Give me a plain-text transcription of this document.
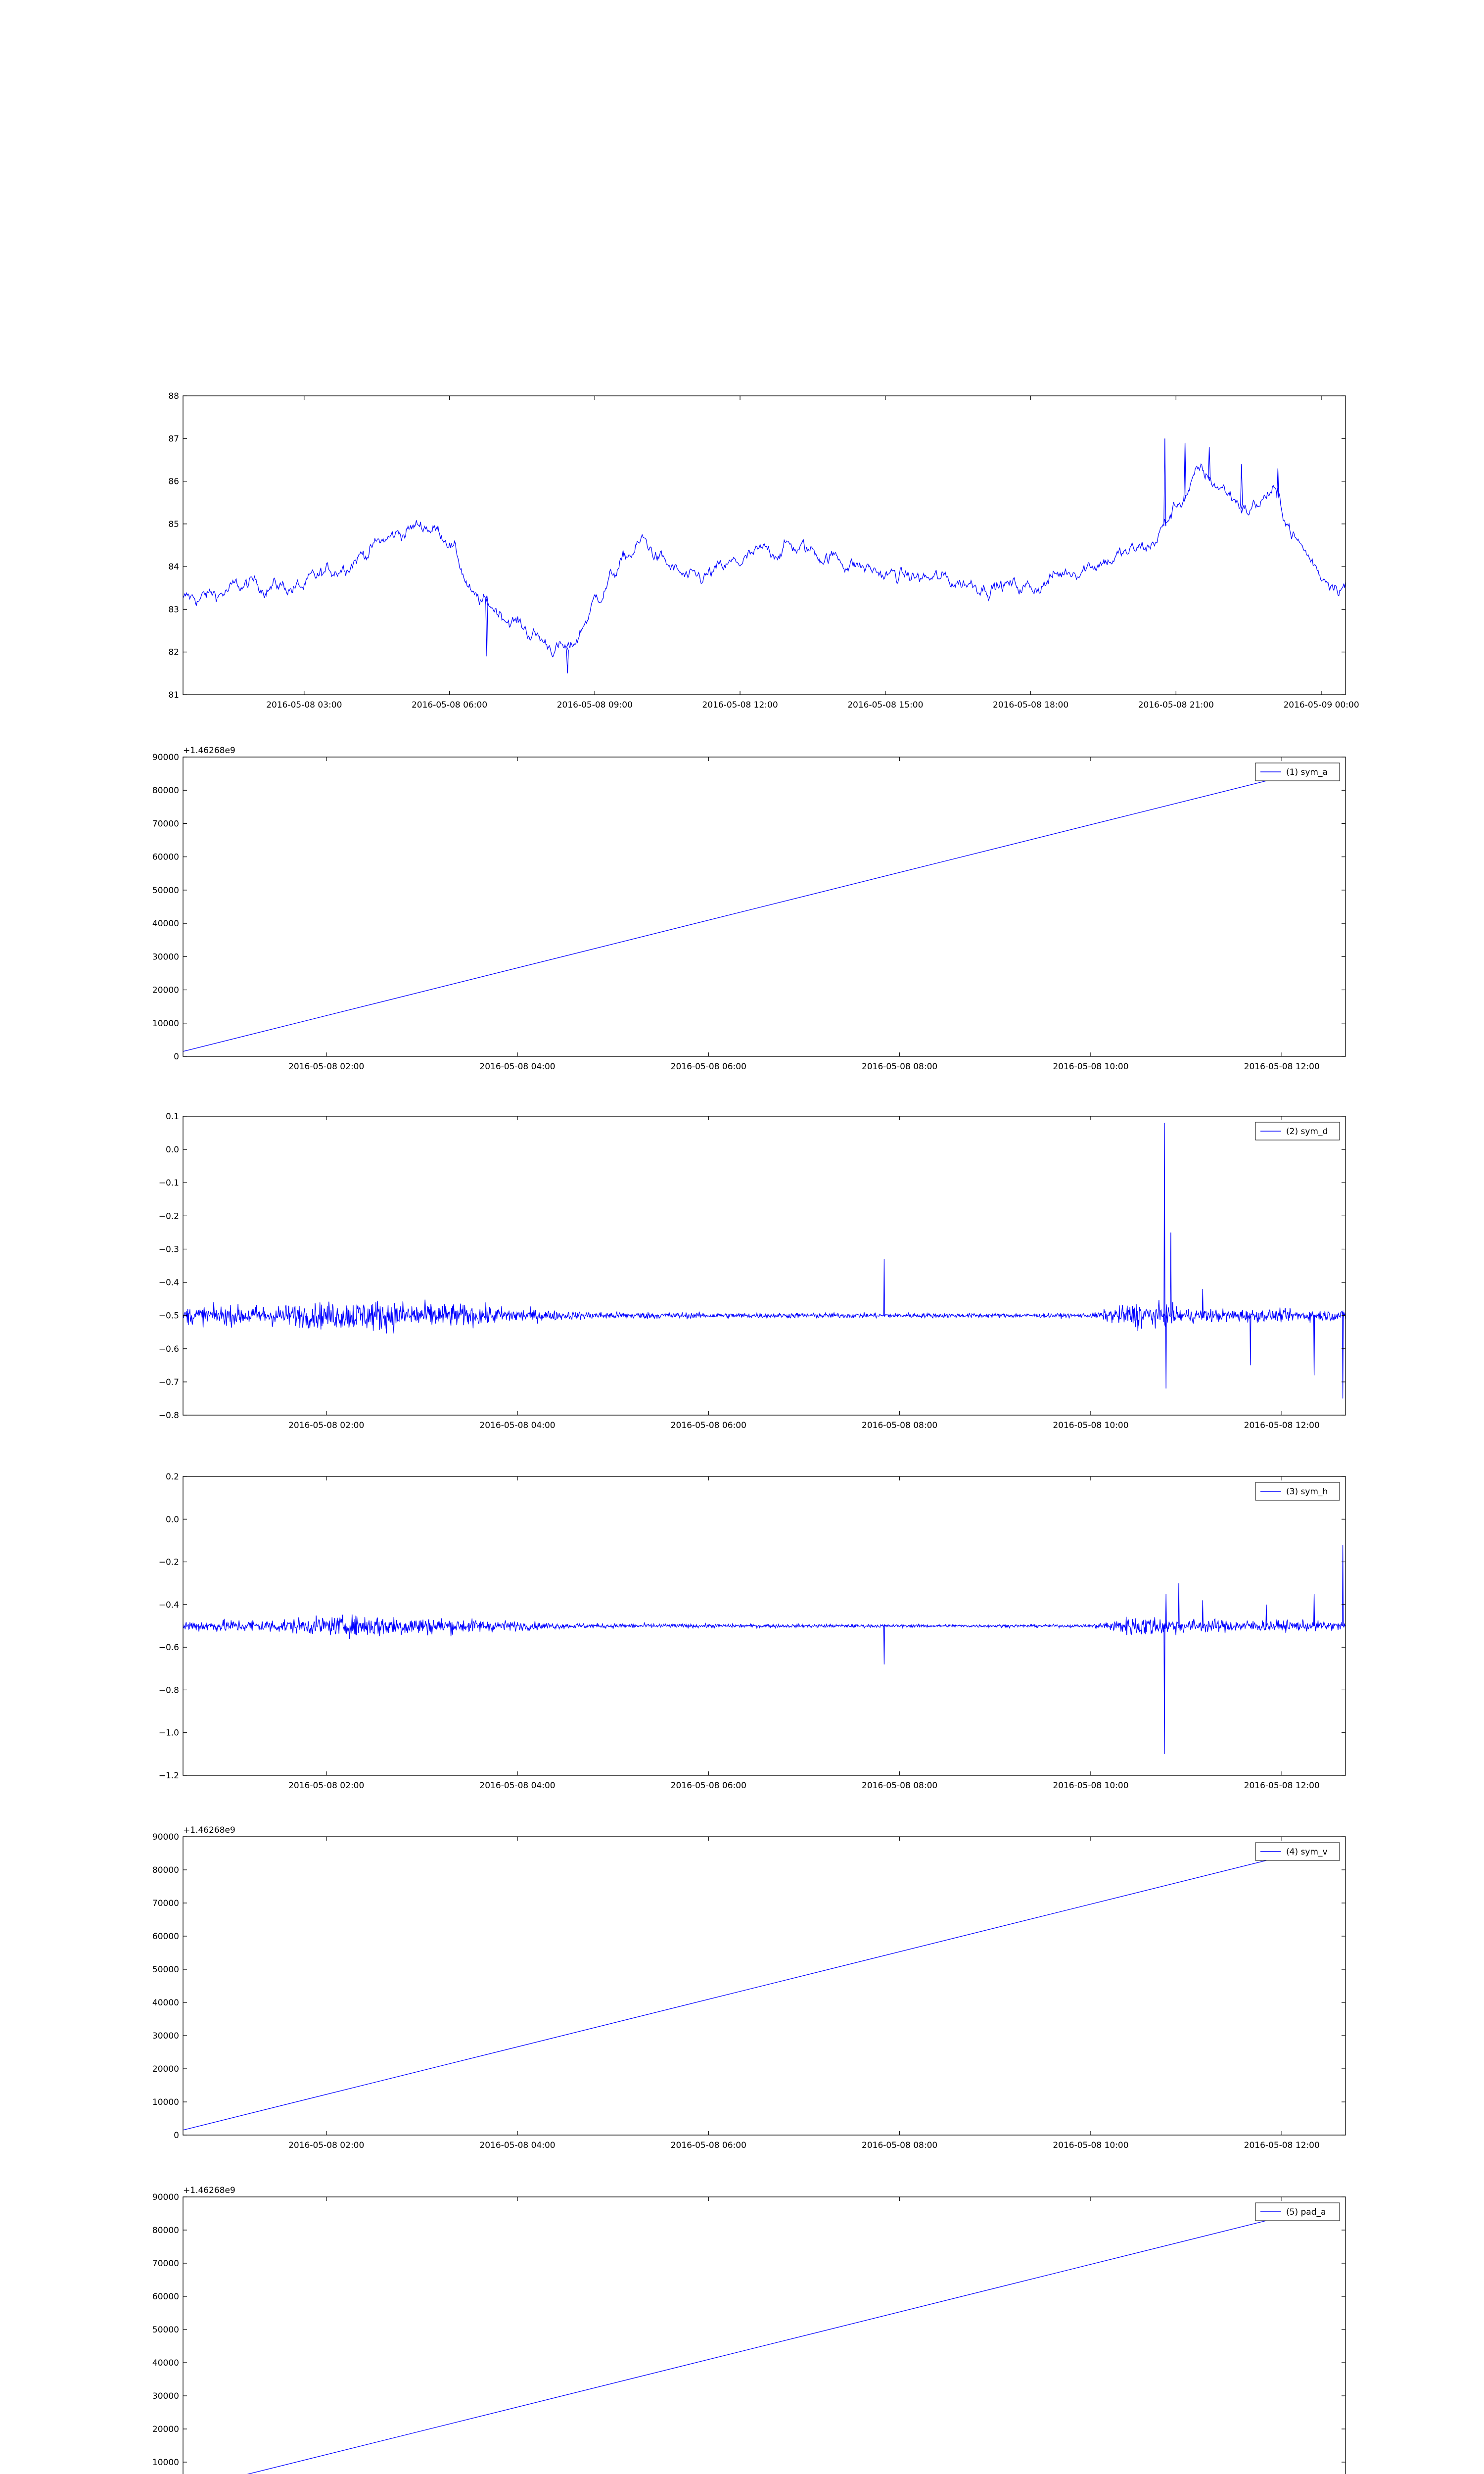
2016-05-08 03:00	2016-05-08 06:00	2016-05-08 09:00	2016-05-08 12:00	2016-05-08 15:00	2016-05-08 18:00	2016-05-08 21:00	2016-05-09 00:00
81
82
83
84
85
86
87
88
2016-05-08 02:00	2016-05-08 04:00	2016-05-08 06:00	2016-05-08 08:00	2016-05-08 10:00	2016-05-08 12:00
0
10000
20000
30000
40000
50000
60000
70000
80000
90000
+1.46268e9
(1) sym_a
2016-05-08 02:00	2016-05-08 04:00	2016-05-08 06:00	2016-05-08 08:00	2016-05-08 10:00	2016-05-08 12:00
−0.8
−0.7
−0.6
−0.5
−0.4
−0.3
−0.2
−0.1
0.0
0.1
(2) sym_d
2016-05-08 02:00	2016-05-08 04:00	2016-05-08 06:00	2016-05-08 08:00	2016-05-08 10:00	2016-05-08 12:00
−1.2
−1.0
−0.8
−0.6
−0.4
−0.2
0.0
0.2
(3) sym_h
2016-05-08 02:00	2016-05-08 04:00	2016-05-08 06:00	2016-05-08 08:00	2016-05-08 10:00	2016-05-08 12:00
0
10000
20000
30000
40000
50000
60000
70000
80000
90000
+1.46268e9
(4) sym_v
10000
20000
30000
40000
50000
60000
70000
80000
90000
+1.46268e9
(5) pad_a
